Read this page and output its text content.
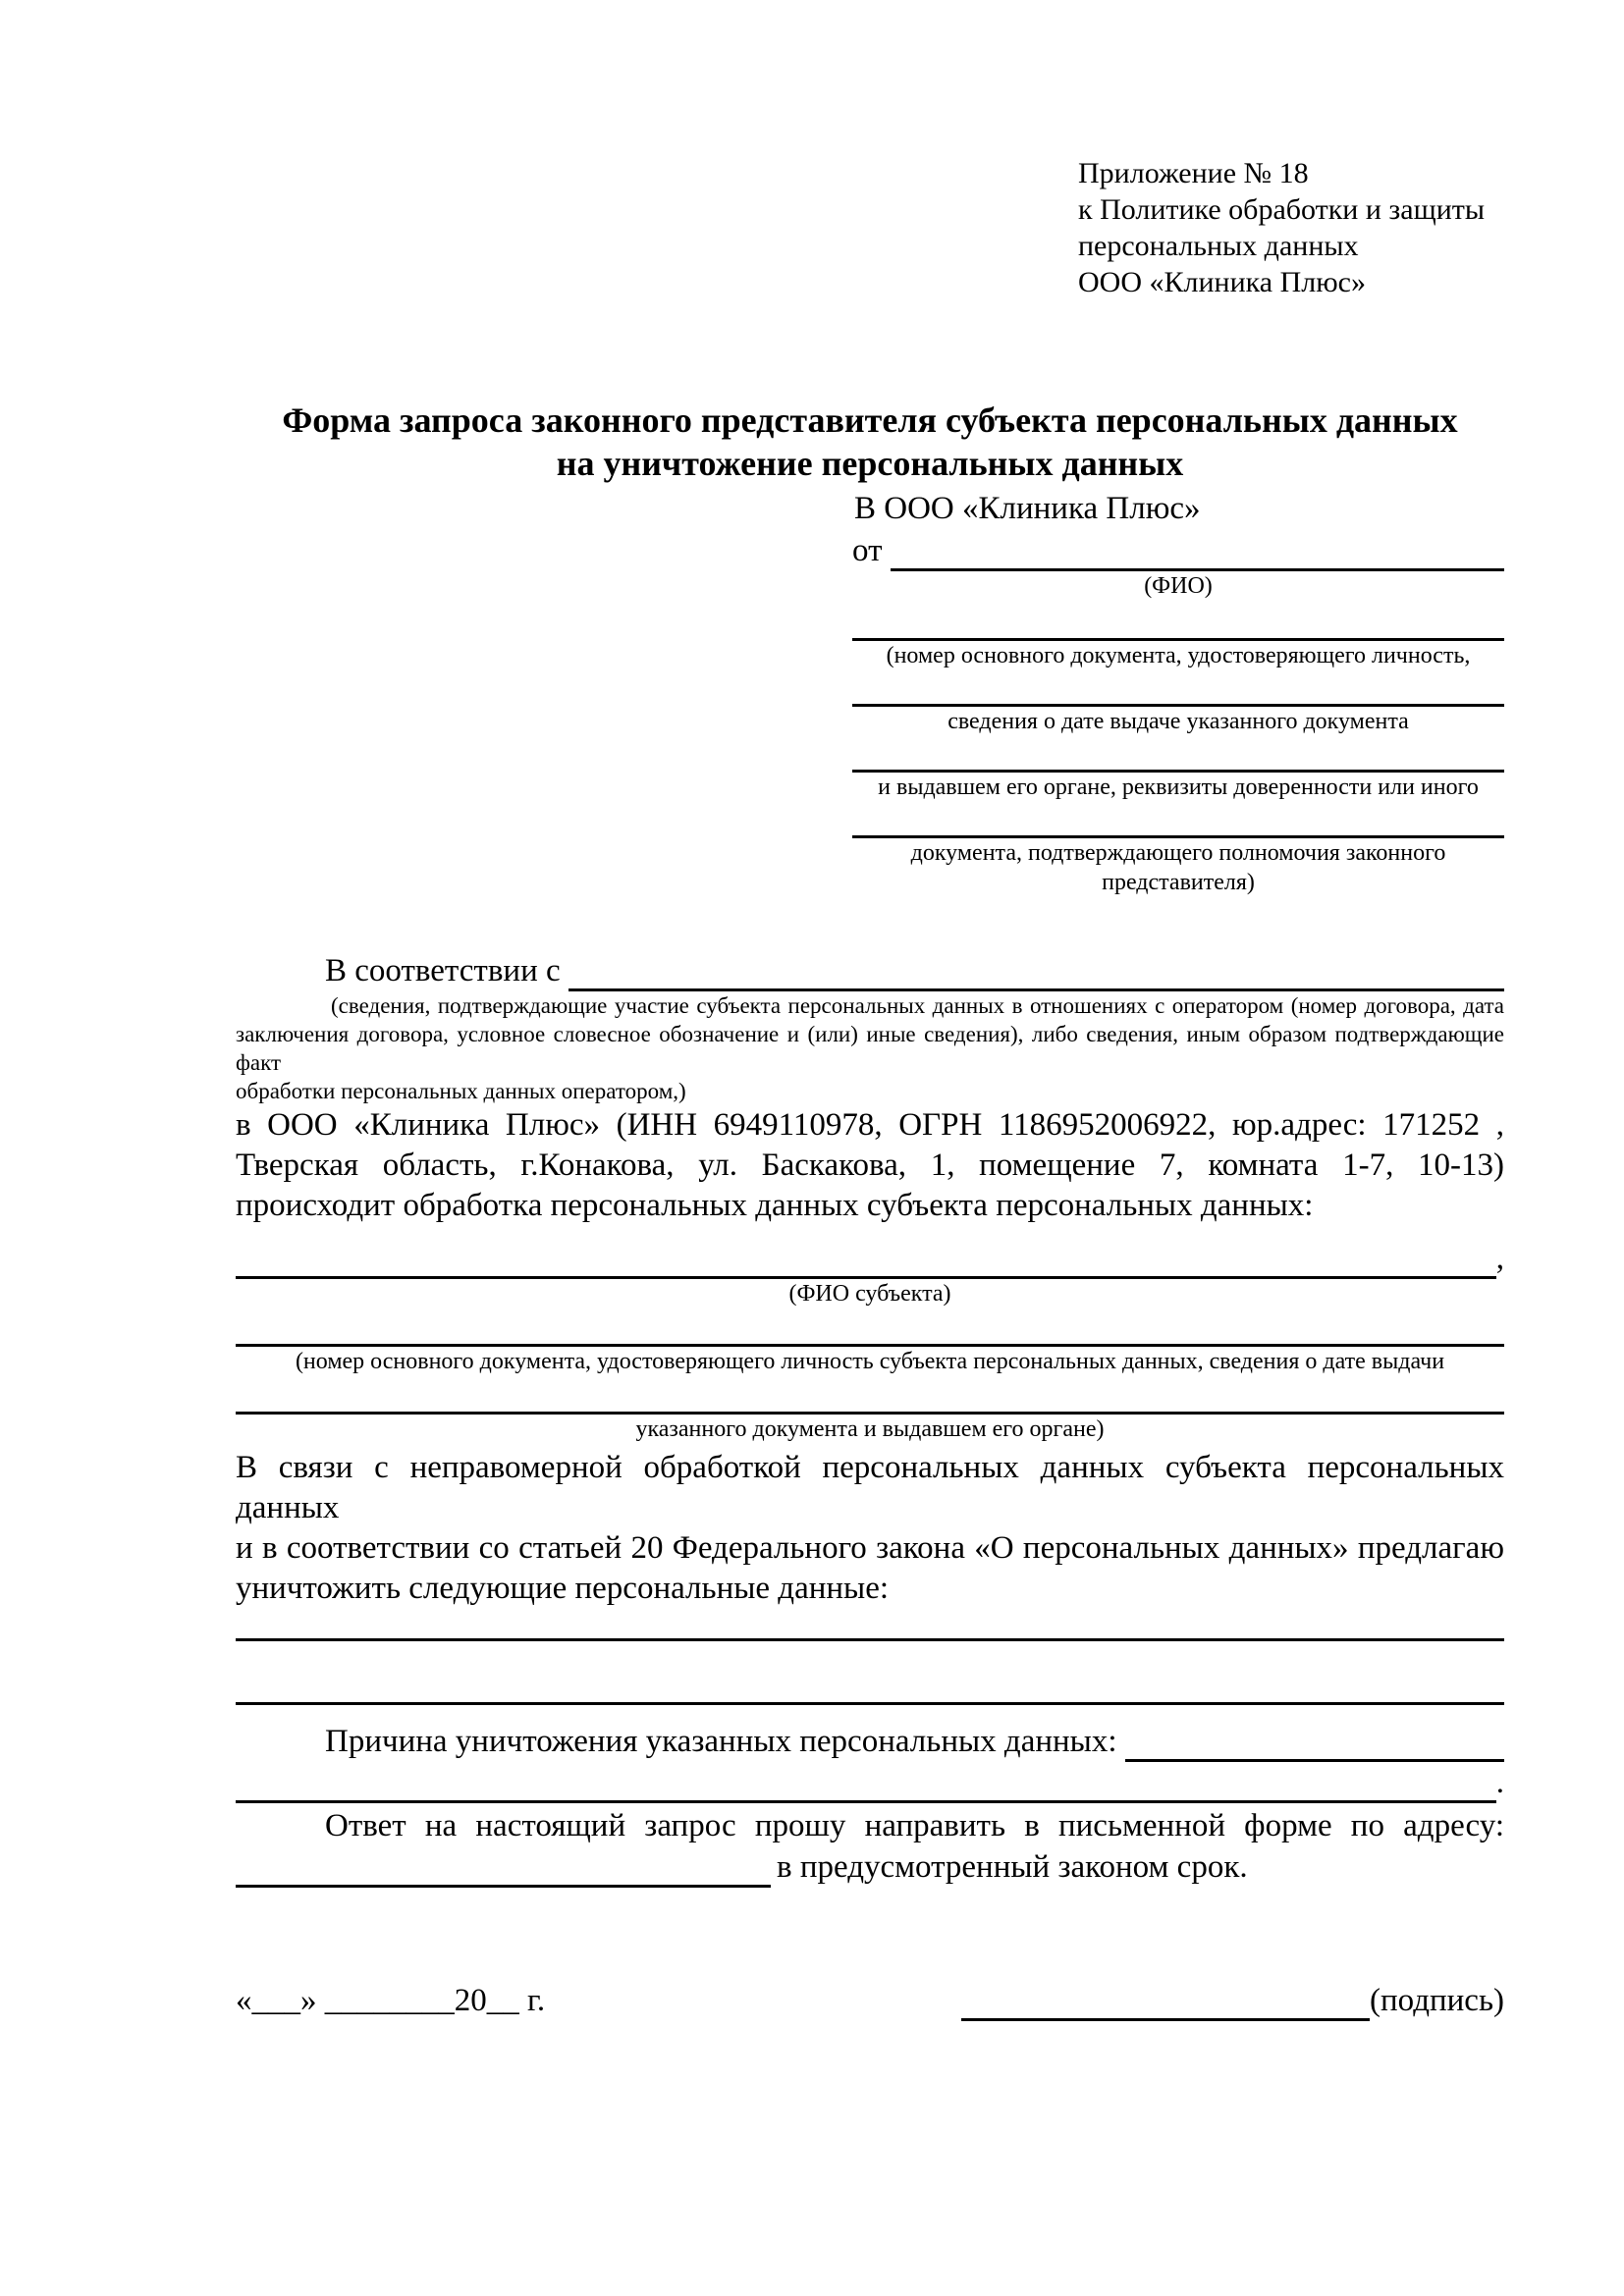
Приложение № 18
к Политике обработки и защиты
персональных данных
ООО «Клиника Плюс»
Форма запроса законного представителя субъекта персональных данных
на уничтожение персональных данных
В ООО «Клиника Плюс»
от
(ФИО)
(номер основного документа, удостоверяющего личность,
сведения о дате выдаче указанного документа
и выдавшем его органе, реквизиты доверенности или иного
документа, подтверждающего полномочия законного представителя)
В соответствии с
(сведения, подтверждающие участие субъекта персональных данных в отношениях с оператором (номер договора, дата
заключения договора, условное словесное обозначение и (или) иные сведения), либо сведения, иным образом подтверждающие факт
обработки персональных данных оператором,)
в ООО «Клиника Плюс» (ИНН 6949110978, ОГРН 1186952006922, юр.адрес: 171252 ,
Тверская область, г.Конакова, ул. Баскакова, 1, помещение 7, комната 1-7, 10-13)
происходит обработка персональных данных субъекта персональных данных:
,
(ФИО субъекта)
(номер основного документа, удостоверяющего личность субъекта персональных данных, сведения о дате выдачи
указанного документа и выдавшем его органе)
В связи с неправомерной обработкой персональных данных субъекта персональных данных
и в соответствии со статьей 20 Федерального закона «О персональных данных» предлагаю
уничтожить следующие персональные данные:
Причина уничтожения указанных персональных данных:
.
Ответ на настоящий запрос прошу направить в письменной форме по адресу:
в предусмотренный законом срок.
«___» ________20__ г.	(подпись)
